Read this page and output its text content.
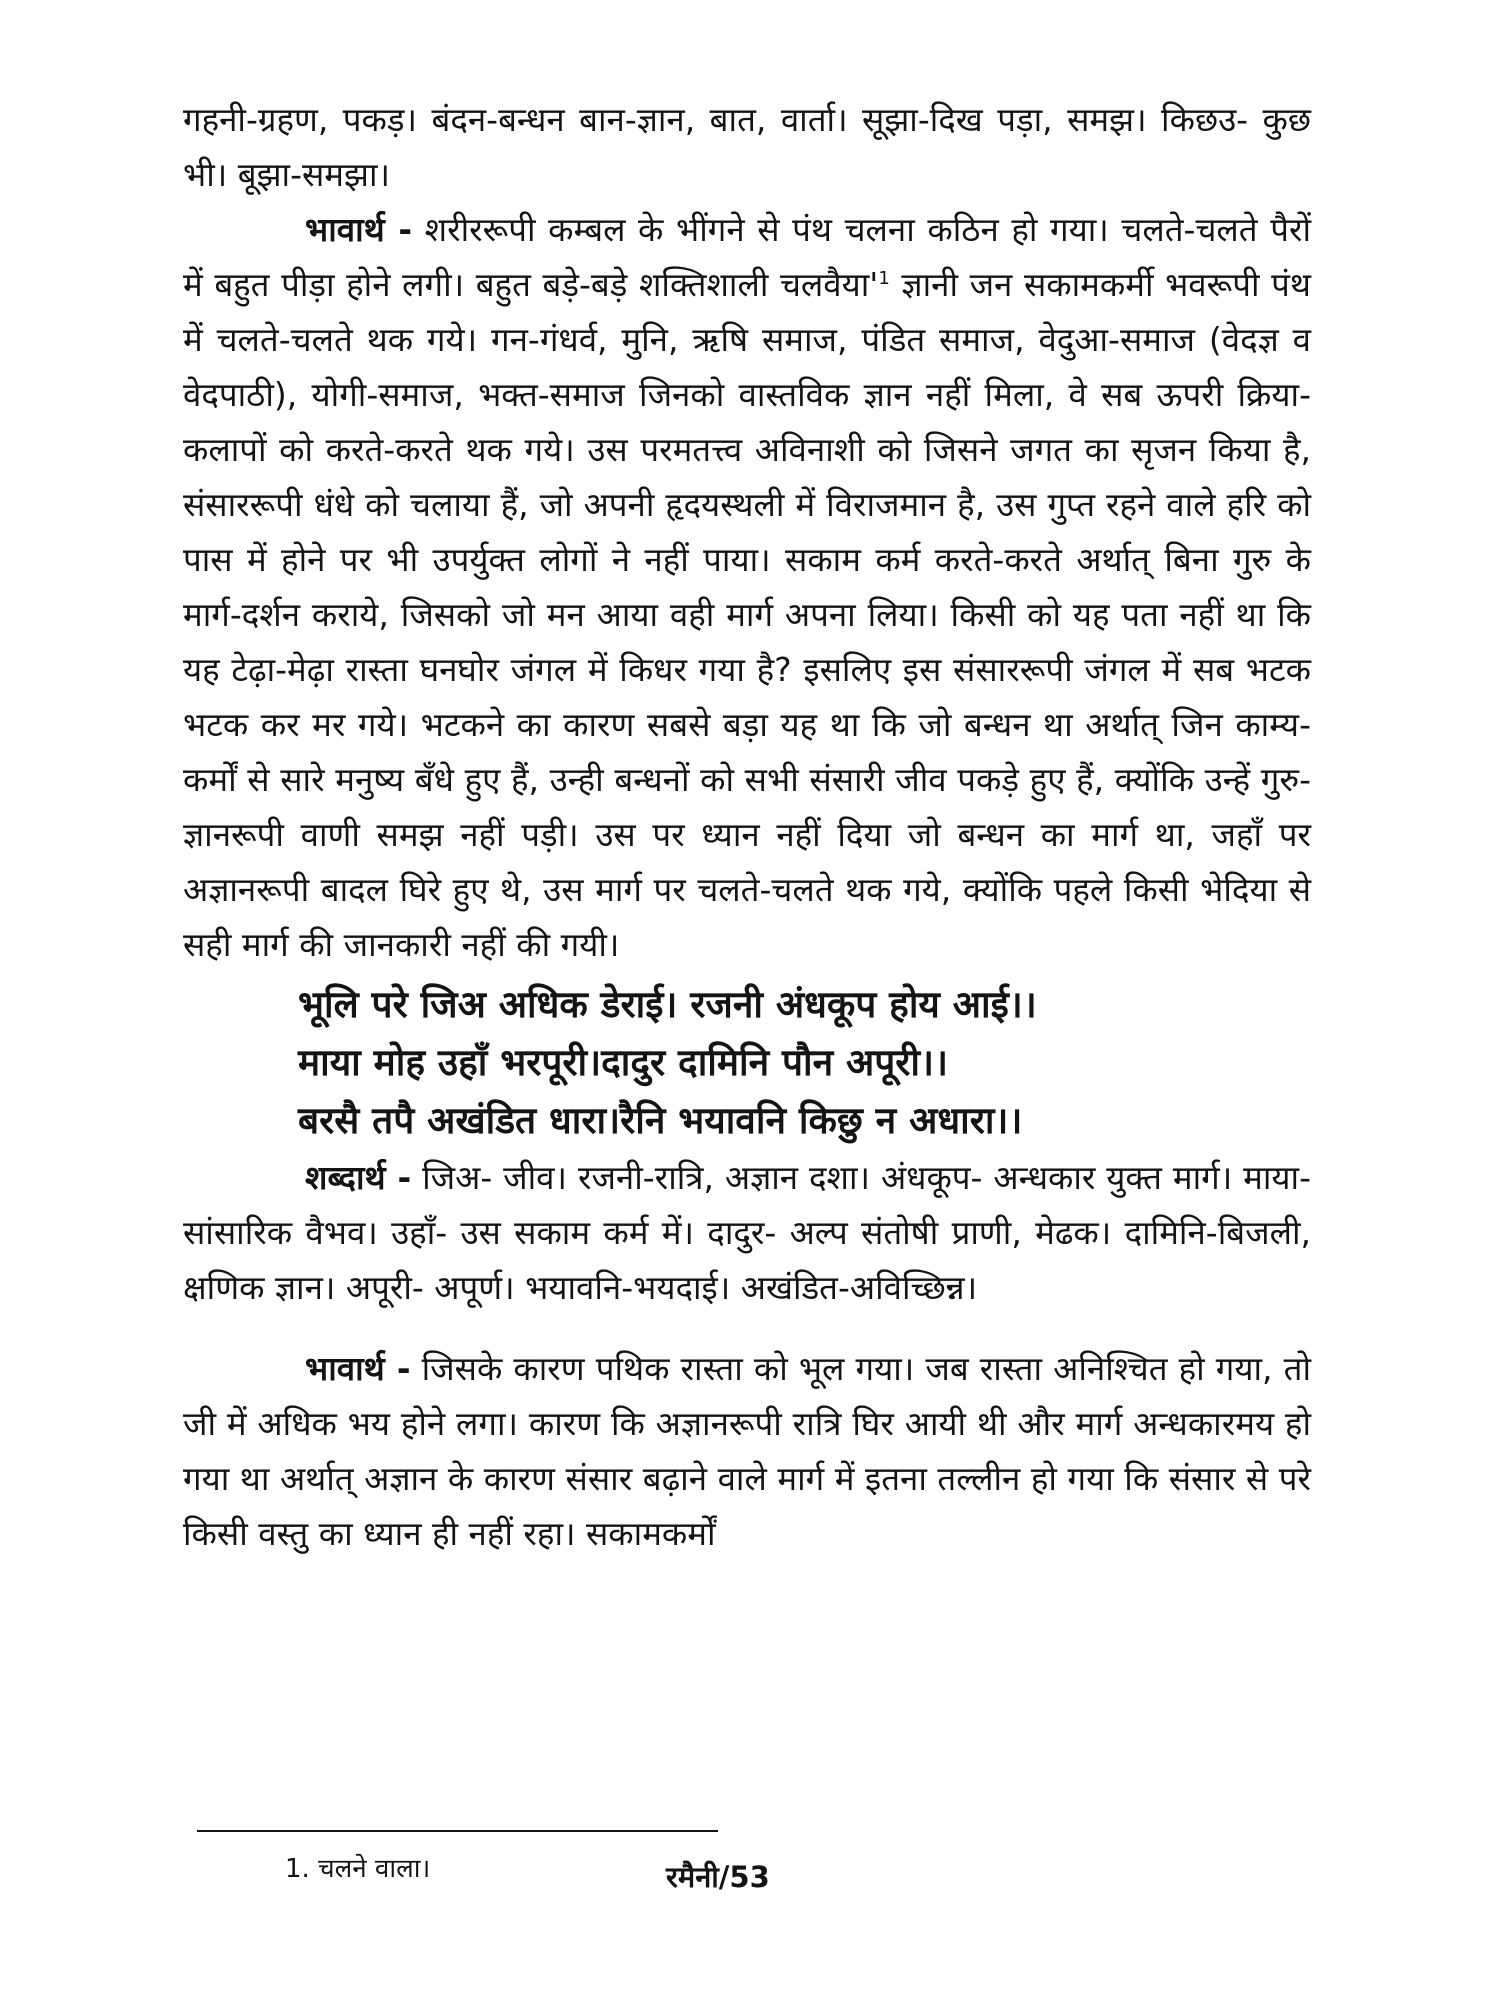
गहनी-ग्रहण, पकड़। बंदन-बन्धन बान-ज्ञान, बात, वार्ता। सूझा-दिख पड़ा, समझ। किछउ- कुछ भी। बूझा-समझा।

भावार्थ - शरीररूपी कम्बल के भींगने से पंथ चलना कठिन हो गया। चलते-चलते पैरों में बहुत पीड़ा होने लगी। बहुत बड़े-बड़े शक्तिशाली $चलवैया'^1$ ज्ञानी जन सकामकर्मी भवरूपी पंथ में चलते-चलते थक गये। गन-गंधर्व, मुनि, ऋषि समाज, पंडित समाज, वेदुआ-समाज (वेदज्ञ व वेदपाठी), योगी-समाज, भक्त-समाज जिनको वास्तविक ज्ञान नहीं मिला, वे सब ऊपरी क्रिया-कलापों को करते-करते थक गये। उस परमतत्त्व अविनाशी को जिसने जगत का सृजन किया है, संसाररूपी धंधे को चलाया हैं, जो अपनी हृदयस्थली में विराजमान है, उस गुप्त रहने वाले हरि को पास में होने पर भी उपर्युक्त लोगों ने नहीं पाया। सकाम कर्म करते-करते अर्थात् बिना गुरु के मार्ग-दर्शन कराये, जिसको जो मन आया वही मार्ग अपना लिया। किसी को यह पता नहीं था कि यह टेढ़ा-मेढ़ा रास्ता घनघोर जंगल में किधर गया है? इसलिए इस संसाररूपी जंगल में सब भटक भटक कर मर गये। भटकने का कारण सबसे बड़ा यह था कि जो बन्धन था अर्थात् जिन काम्य-कर्मों से सारे मनुष्य बँधे हुए हैं, उन्ही बन्धनों को सभी संसारी जीव पकड़े हुए हैं, क्योंकि उन्हें गुरु-ज्ञानरूपी वाणी समझ नहीं पड़ी। उस पर ध्यान नहीं दिया जो बन्धन का मार्ग था, जहाँ पर अज्ञानरूपी बादल घिरे हुए थे, उस मार्ग पर चलते-चलते थक गये, क्योंकि पहले किसी भेदिया से सही मार्ग की जानकारी नहीं की गयी।

भूलि परे जिअ अधिक डेराई। रजनी अंधकूप होय आई।।
माया मोह उहाँ भरपूरी।दादुर दामिनि पौन अपूरी।।
बरसै तपै अखंडित धारा।रैनि भयावनि किछु न अधारा।।

शब्दार्थ - जिअ- जीव। रजनी-रात्रि, अज्ञान दशा। अंधकूप- अन्धकार युक्त मार्ग। माया-सांसारिक वैभव। उहाँ- उस सकाम कर्म में। दादुर- अल्प संतोषी प्राणी, मेढक। दामिनि-बिजली, क्षणिक ज्ञान। अपूरी- अपूर्ण। भयावनि-भयदाई। अखंडित-अविच्छिन्न।

भावार्थ - जिसके कारण पथिक रास्ता को भूल गया। जब रास्ता अनिश्चित हो गया, तो जी में अधिक भय होने लगा। कारण कि अज्ञानरूपी रात्रि घिर आयी थी और मार्ग अन्धकारमय हो गया था अर्थात् अज्ञान के कारण संसार बढ़ाने वाले मार्ग में इतना तल्लीन हो गया कि संसार से परे किसी वस्तु का ध्यान ही नहीं रहा। सकामकर्मों

1. चलने वाला।	रमैनी/53
